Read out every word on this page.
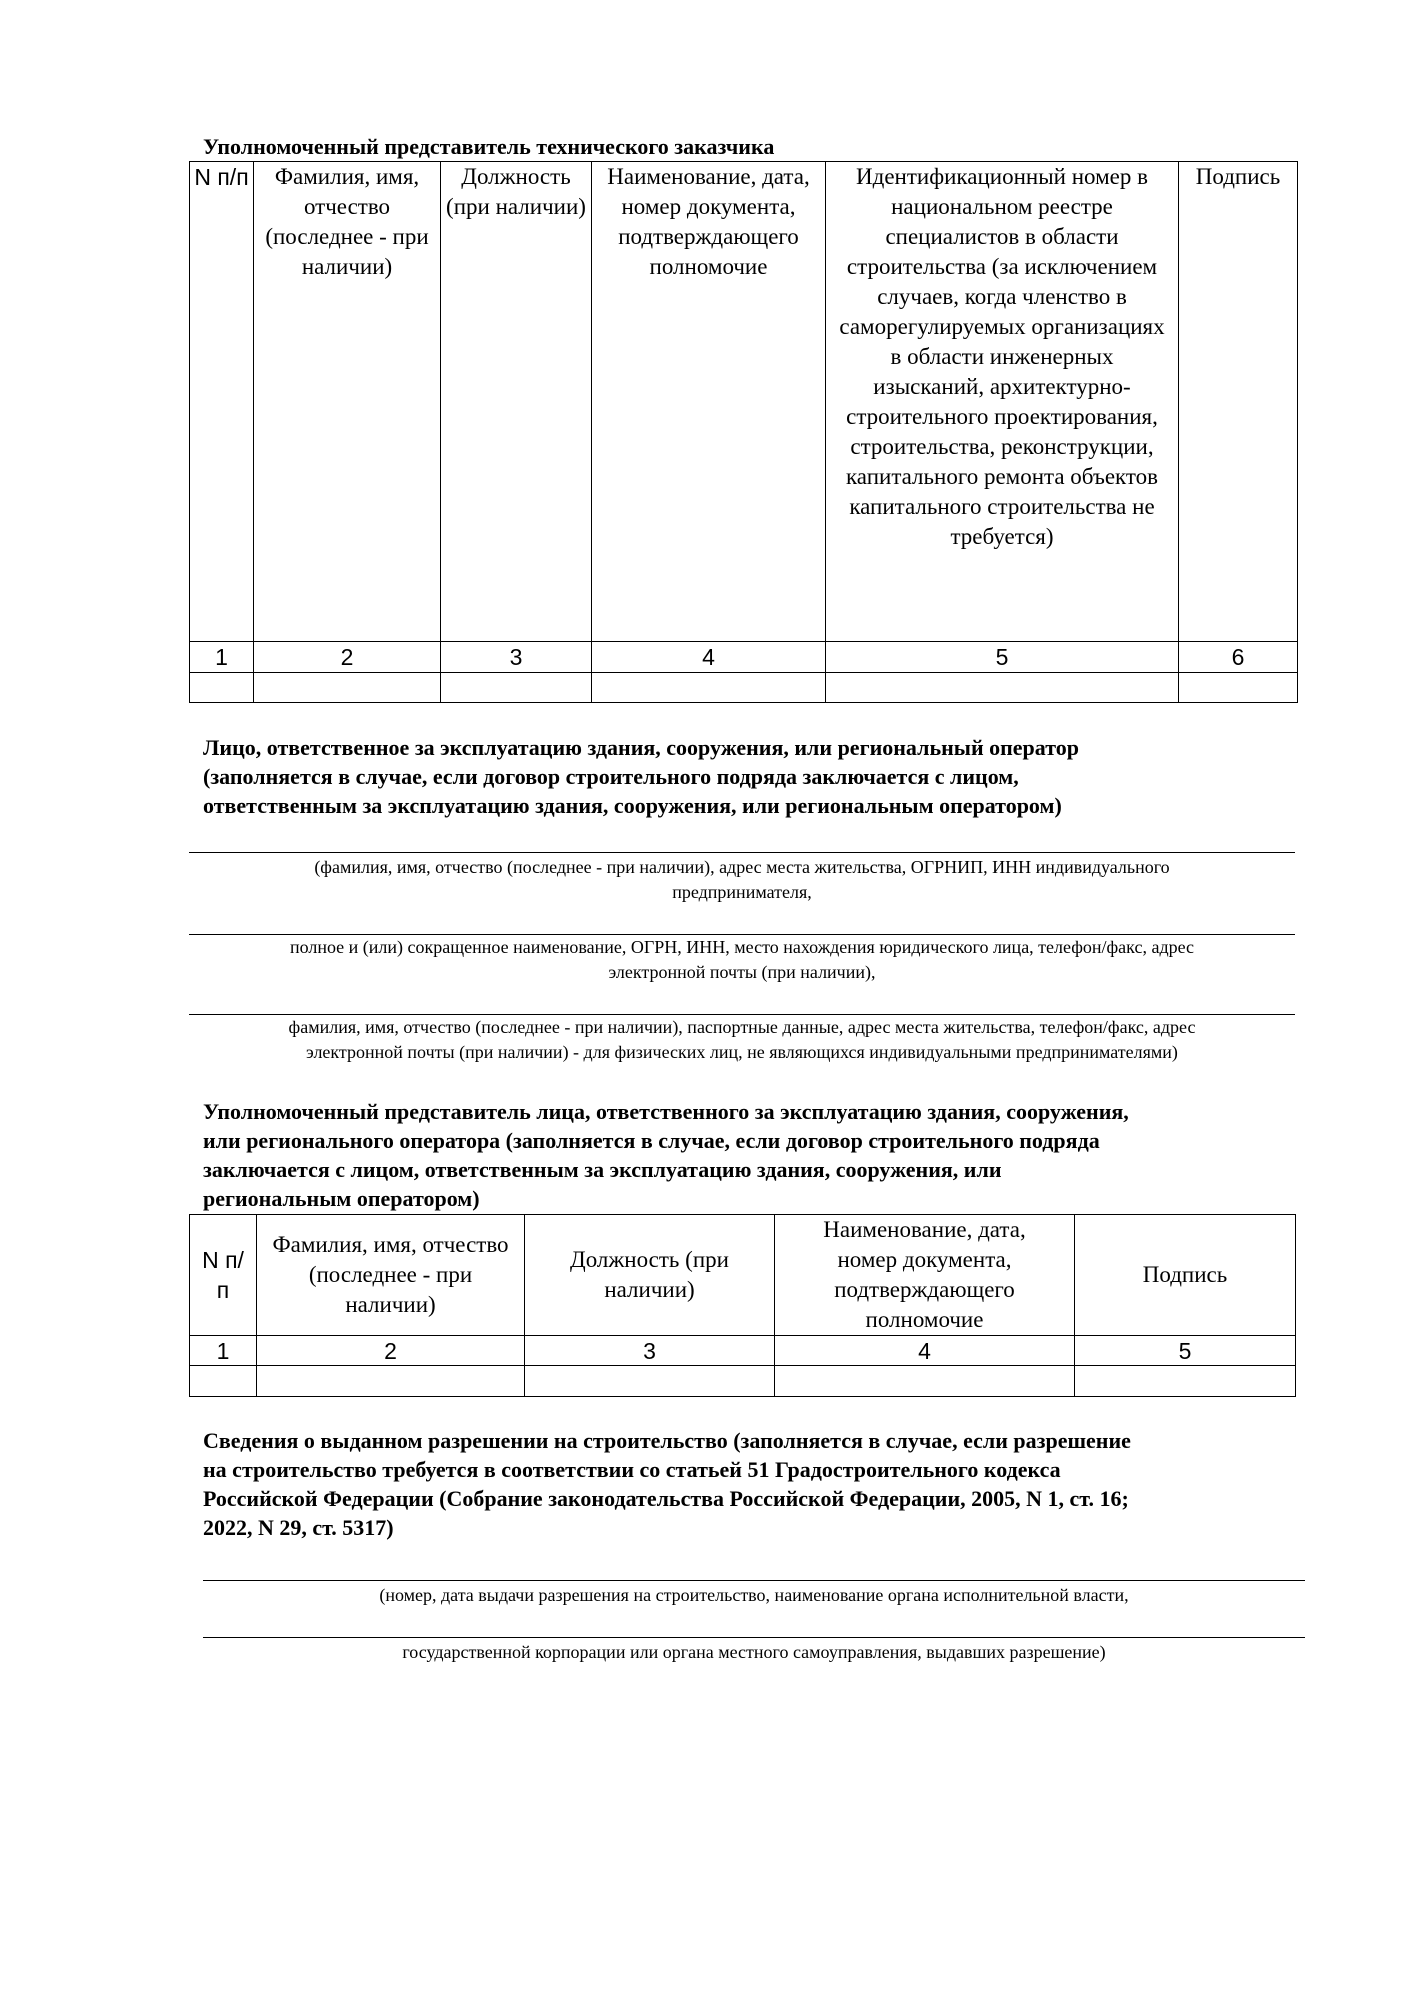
Уполномоченный представитель технического заказчика
N п/п	Фамилия, имя, отчество (последнее - при наличии)	Должность (при наличии)	Наименование, дата, номер документа, подтверждающего полномочие	Идентификационный номер в национальном реестре специалистов в области строительства (за исключением случаев, когда членство в саморегулируемых организациях в области инженерных изысканий, архитектурно-строительного проектирования, строительства, реконструкции, капитального ремонта объектов капитального строительства не требуется)	Подпись
1	2	3	4	5	6

Лицо, ответственное за эксплуатацию здания, сооружения, или региональный оператор
(заполняется в случае, если договор строительного подряда заключается с лицом,
ответственным за эксплуатацию здания, сооружения, или региональным оператором)
(фамилия, имя, отчество (последнее - при наличии), адрес места жительства, ОГРНИП, ИНН индивидуального
предпринимателя,
полное и (или) сокращенное наименование, ОГРН, ИНН, место нахождения юридического лица, телефон/факс, адрес
электронной почты (при наличии),
фамилия, имя, отчество (последнее - при наличии), паспортные данные, адрес места жительства, телефон/факс, адрес
электронной почты (при наличии) - для физических лиц, не являющихся индивидуальными предпринимателями)
Уполномоченный представитель лица, ответственного за эксплуатацию здания, сооружения,
или регионального оператора (заполняется в случае, если договор строительного подряда
заключается с лицом, ответственным за эксплуатацию здания, сооружения, или
региональным оператором)
N п/п	Фамилия, имя, отчество (последнее - при наличии)	Должность (при наличии)	Наименование, дата, номер документа, подтверждающего полномочие	Подпись
1	2	3	4	5

Сведения о выданном разрешении на строительство (заполняется в случае, если разрешение
на строительство требуется в соответствии со статьей 51 Градостроительного кодекса
Российской Федерации (Собрание законодательства Российской Федерации, 2005, N 1, ст. 16;
2022, N 29, ст. 5317)
(номер, дата выдачи разрешения на строительство, наименование органа исполнительной власти,
государственной корпорации или органа местного самоуправления, выдавших разрешение)
